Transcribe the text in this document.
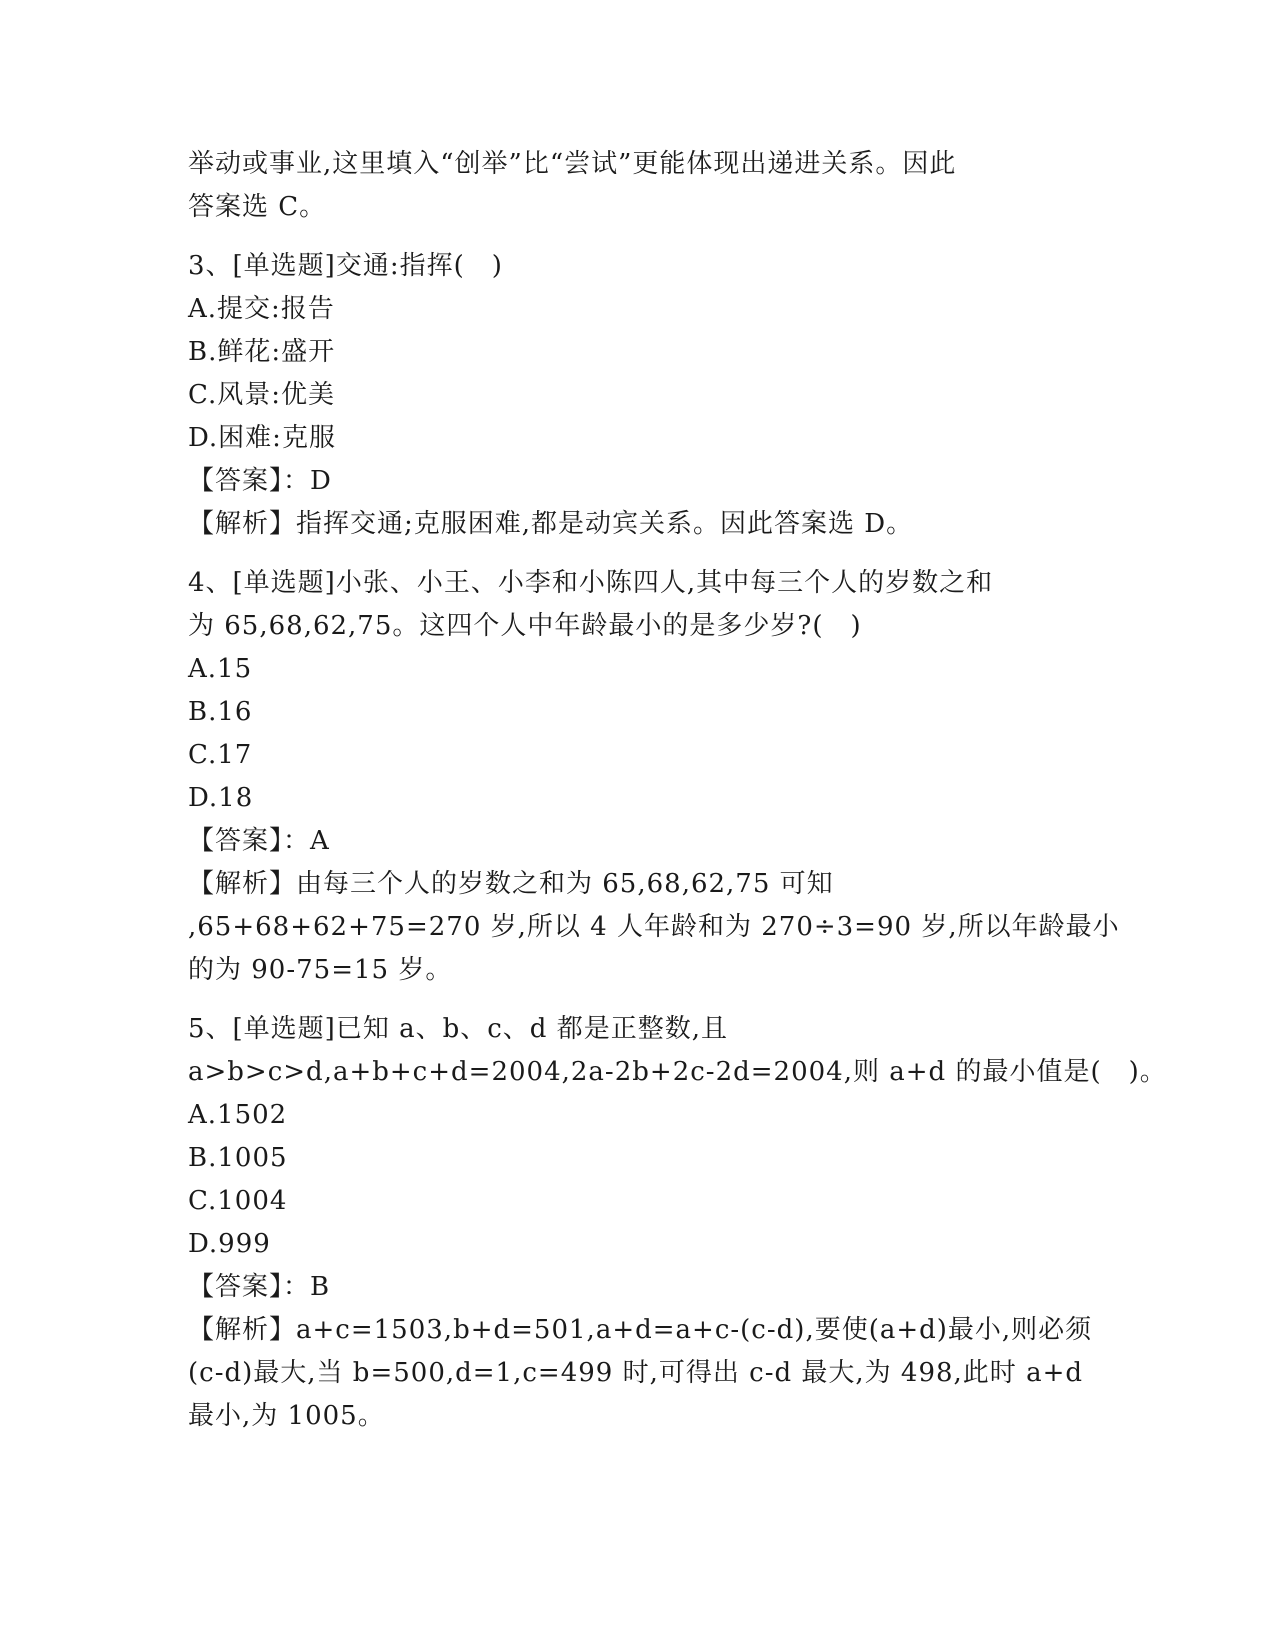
举动或事业,这里填入“创举”比“尝试”更能体现出递进关系。因此
答案选 C。
3、[单选题]交通:指挥(　)
A.提交:报告
B.鲜花:盛开
C.风景:优美
D.困难:克服
【答案】：D
【解析】指挥交通;克服困难,都是动宾关系。因此答案选 D。
4、[单选题]小张、小王、小李和小陈四人,其中每三个人的岁数之和
为 65,68,62,75。这四个人中年龄最小的是多少岁?(　)
A.15
B.16
C.17
D.18
【答案】：A
【解析】由每三个人的岁数之和为 65,68,62,75 可知
,65+68+62+75=270 岁,所以 4 人年龄和为 270÷3=90 岁,所以年龄最小
的为 90-75=15 岁。
5、[单选题]已知 a、b、c、d 都是正整数,且
a>b>c>d,a+b+c+d=2004,2a-2b+2c-2d=2004,则 a+d 的最小值是(　)。
A.1502
B.1005
C.1004
D.999
【答案】：B
【解析】a+c=1503,b+d=501,a+d=a+c-(c-d),要使(a+d)最小,则必须
(c-d)最大,当 b=500,d=1,c=499 时,可得出 c-d 最大,为 498,此时 a+d
最小,为 1005。
